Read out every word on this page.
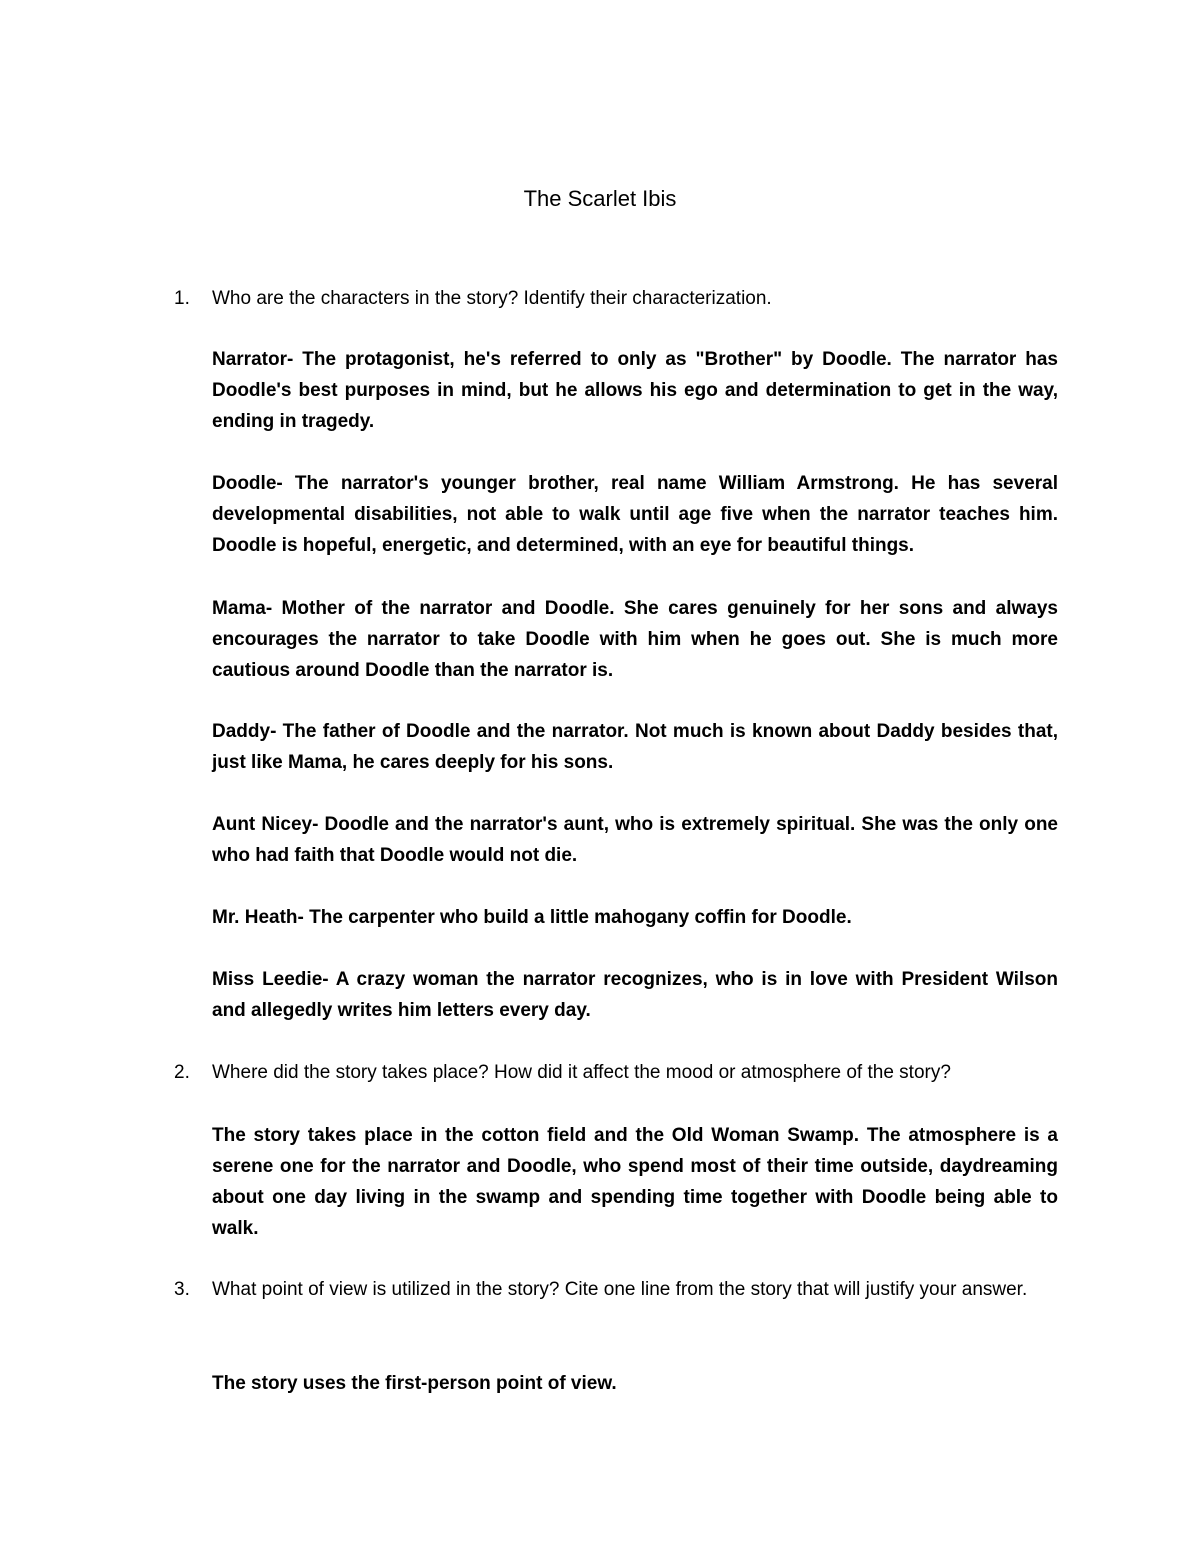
The Scarlet Ibis
1. Who are the characters in the story? Identify their characterization.
Narrator- The protagonist, he's referred to only as "Brother" by Doodle. The narrator has Doodle's best purposes in mind, but he allows his ego and determination to get in the way, ending in tragedy.
Doodle- The narrator's younger brother, real name William Armstrong. He has several developmental disabilities, not able to walk until age five when the narrator teaches him. Doodle is hopeful, energetic, and determined, with an eye for beautiful things.
Mama- Mother of the narrator and Doodle. She cares genuinely for her sons and always encourages the narrator to take Doodle with him when he goes out. She is much more cautious around Doodle than the narrator is.
Daddy- The father of Doodle and the narrator. Not much is known about Daddy besides that, just like Mama, he cares deeply for his sons.
Aunt Nicey- Doodle and the narrator's aunt, who is extremely spiritual. She was the only one who had faith that Doodle would not die.
Mr. Heath- The carpenter who build a little mahogany coffin for Doodle.
Miss Leedie- A crazy woman the narrator recognizes, who is in love with President Wilson and allegedly writes him letters every day.
2. Where did the story takes place? How did it affect the mood or atmosphere of the story?
The story takes place in the cotton field and the Old Woman Swamp. The atmosphere is a serene one for the narrator and Doodle, who spend most of their time outside, daydreaming about one day living in the swamp and spending time together with Doodle being able to walk.
3. What point of view is utilized in the story? Cite one line from the story that will justify your answer.
The story uses the first-person point of view.
